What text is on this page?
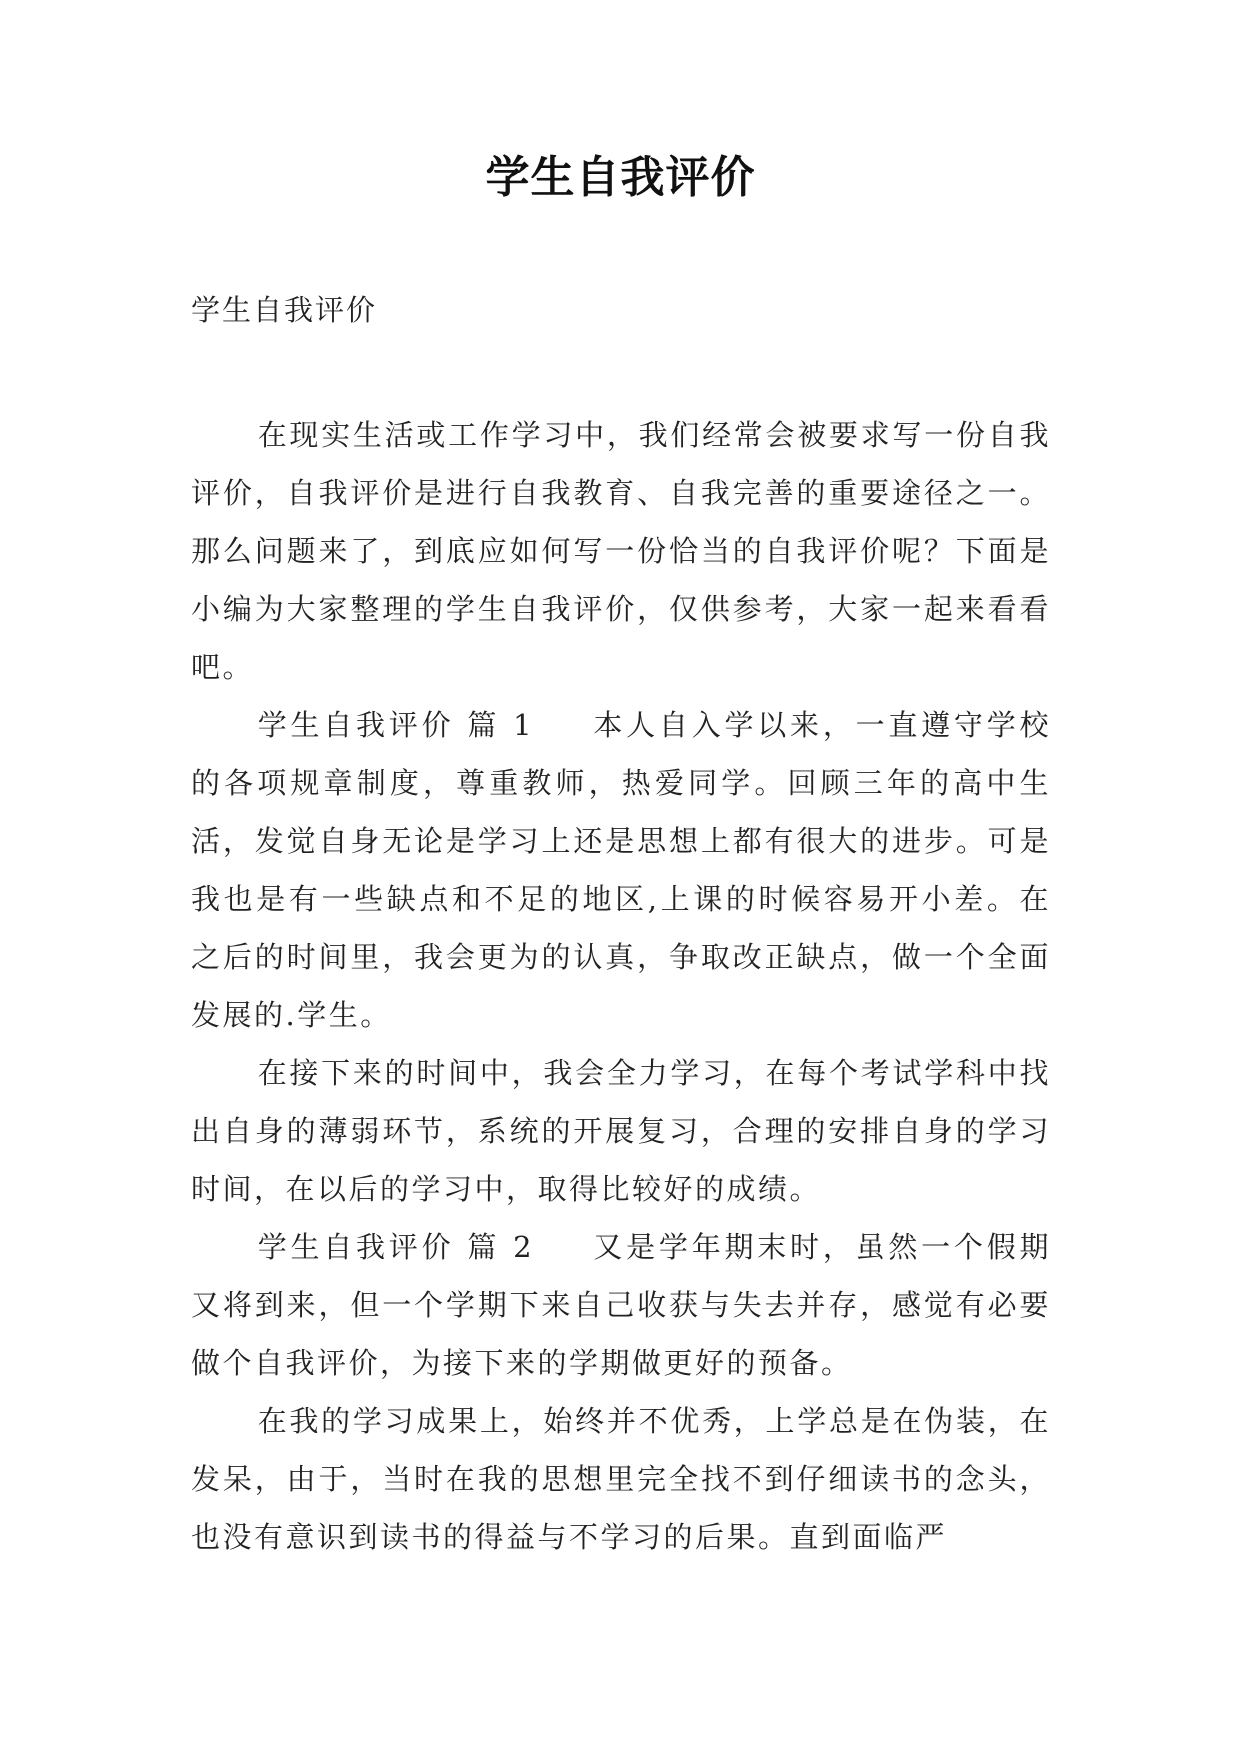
学生自我评价

学生自我评价

在现实生活或工作学习中，我们经常会被要求写一份自我评价，自我评价是进行自我教育、自我完善的重要途径之一。那么问题来了，到底应如何写一份恰当的自我评价呢？下面是小编为大家整理的学生自我评价，仅供参考，大家一起来看看吧。

学生自我评价 篇 1 本人自入学以来，一直遵守学校的各项规章制度，尊重教师，热爱同学。回顾三年的高中生活，发觉自身无论是学习上还是思想上都有很大的进步。可是我也是有一些缺点和不足的地区,上课的时候容易开小差。在之后的时间里，我会更为的认真，争取改正缺点，做一个全面发展的.学生。

在接下来的时间中，我会全力学习，在每个考试学科中找出自身的薄弱环节，系统的开展复习，合理的安排自身的学习时间，在以后的学习中，取得比较好的成绩。

学生自我评价 篇 2 又是学年期末时，虽然一个假期又将到来，但一个学期下来自己收获与失去并存，感觉有必要做个自我评价，为接下来的学期做更好的预备。

在我的学习成果上，始终并不优秀，上学总是在伪装，在发呆，由于，当时在我的思想里完全找不到仔细读书的念头，也没有意识到读书的得益与不学习的后果。直到面临严
